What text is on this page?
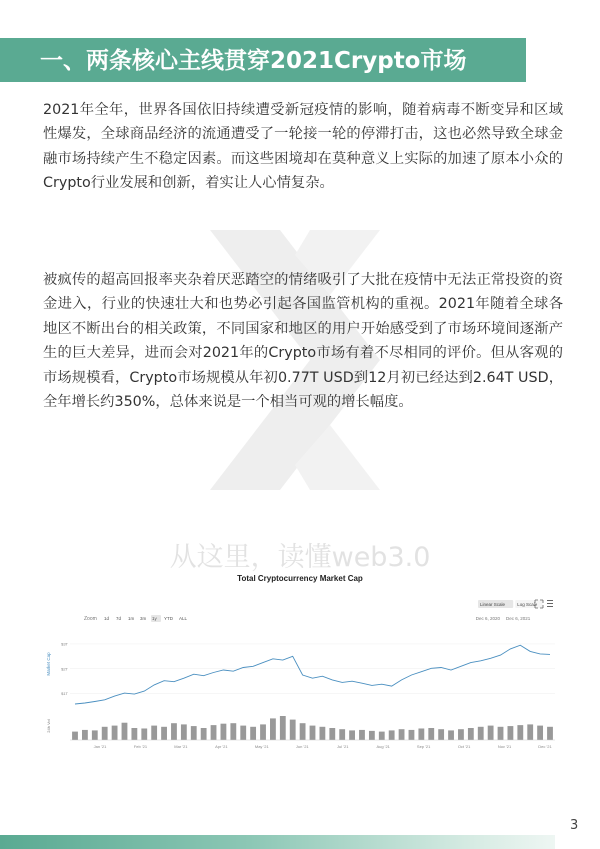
一、两条核心主线贯穿2021Crypto市场

2021年全年，世界各国依旧持续遭受新冠疫情的影响，随着病毒不断变异和区域性爆发，全球商品经济的流通遭受了一轮接一轮的停滞打击，这也必然导致全球金融市场持续产生不稳定因素。而这些困境却在莫种意义上实际的加速了原本小众的Crypto行业发展和创新，着实让人心情复杂。

被疯传的超高回报率夹杂着厌恶踏空的情绪吸引了大批在疫情中无法正常投资的资金进入，行业的快速壮大和也势必引起各国监管机构的重视。2021年随着全球各地区不断出台的相关政策，不同国家和地区的用户开始感受到了市场环境间逐渐产生的巨大差异，进而会对2021年的Crypto市场有着不尽相同的评价。但从客观的市场规模看，Crypto市场规模从年初0.77T USD到12月初已经达到2.64T USD，全年增长约350%，总体来说是一个相当可观的增长幅度。

从这里，读懂web3.0
Total Cryptocurrency Market Cap
Zoom 1d 7d 1m 3m 1y YTD ALL
Linear Scale	Log Scale
Dec 6, 2020 Dec 6, 2021
Market Cap
24h Vol
$3T
$2T
$1T
Jan '21	Feb '21	Mar '21	Apr '21	May '21	Jun '21	Jul '21	Aug '21	Sep '21	Oct '21	Nov '21	Dec '21
3
